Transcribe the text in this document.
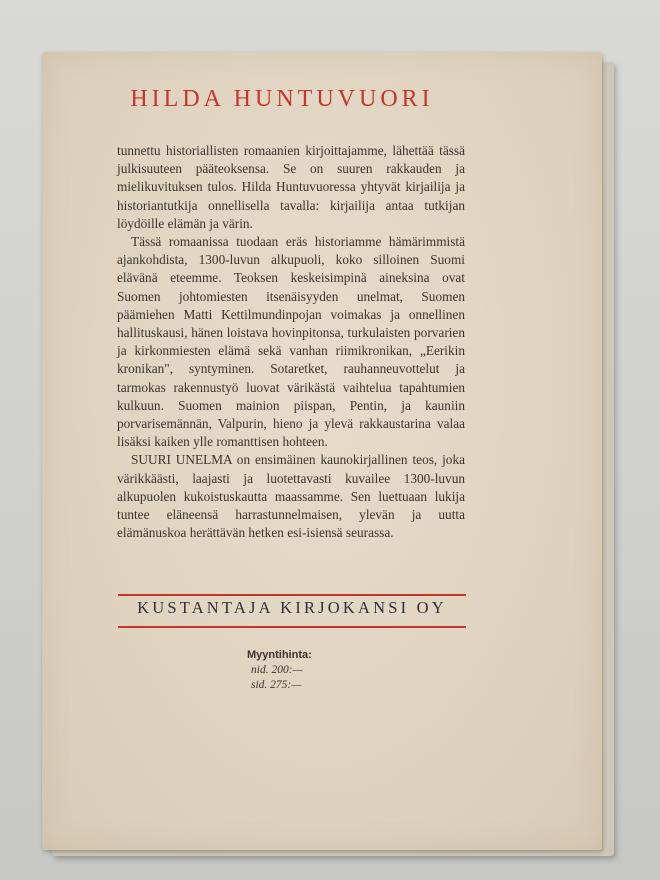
HILDA HUNTUVUORI

tunnettu historiallisten romaanien kirjoittajamme, lähettää tässä julkisuuteen pääteoksensa. Se on suuren rakkauden ja mielikuvituksen tulos. Hilda Huntuvuoressa yhtyvät kirjailija ja historiantutkija onnellisella tavalla: kirjailija antaa tutkijan löydöille elämän ja värin.

Tässä romaanissa tuodaan eräs historiamme hämärimmistä ajankohdista, 1300-luvun alkupuoli, koko silloinen Suomi elävänä eteemme. Teoksen keskeisimpinä aineksina ovat Suomen johtomiesten itsenäisyyden unelmat, Suomen päämiehen Matti Kettilmundinpojan voimakas ja onnellinen hallituskausi, hänen loistava hovinpitonsa, turkulaisten porvarien ja kirkonmiesten elämä sekä vanhan riimikronikan, „Eerikin kronikan", syntyminen. Sotaretket, rauhanneuvottelut ja tarmokas rakennustyö luovat värikästä vaihtelua tapahtumien kulkuun. Suomen mainion piispan, Pentin, ja kauniin porvarisemännän, Valpurin, hieno ja ylevä rakkaustarina valaa lisäksi kaiken ylle romanttisen hohteen.

SUURI UNELMA on ensimäinen kaunokirjallinen teos, joka värikkäästi, laajasti ja luotettavasti kuvailee 1300-luvun alkupuolen kukoistuskautta maassamme. Sen luettuaan lukija tuntee eläneensä harrastunnelmaisen, ylevän ja uutta elämänuskoa herättävän hetken esi-isiensä seurassa.

KUSTANTAJA KIRJOKANSI OY
Myyntihinta:
nid. 200:—
sid. 275:—
